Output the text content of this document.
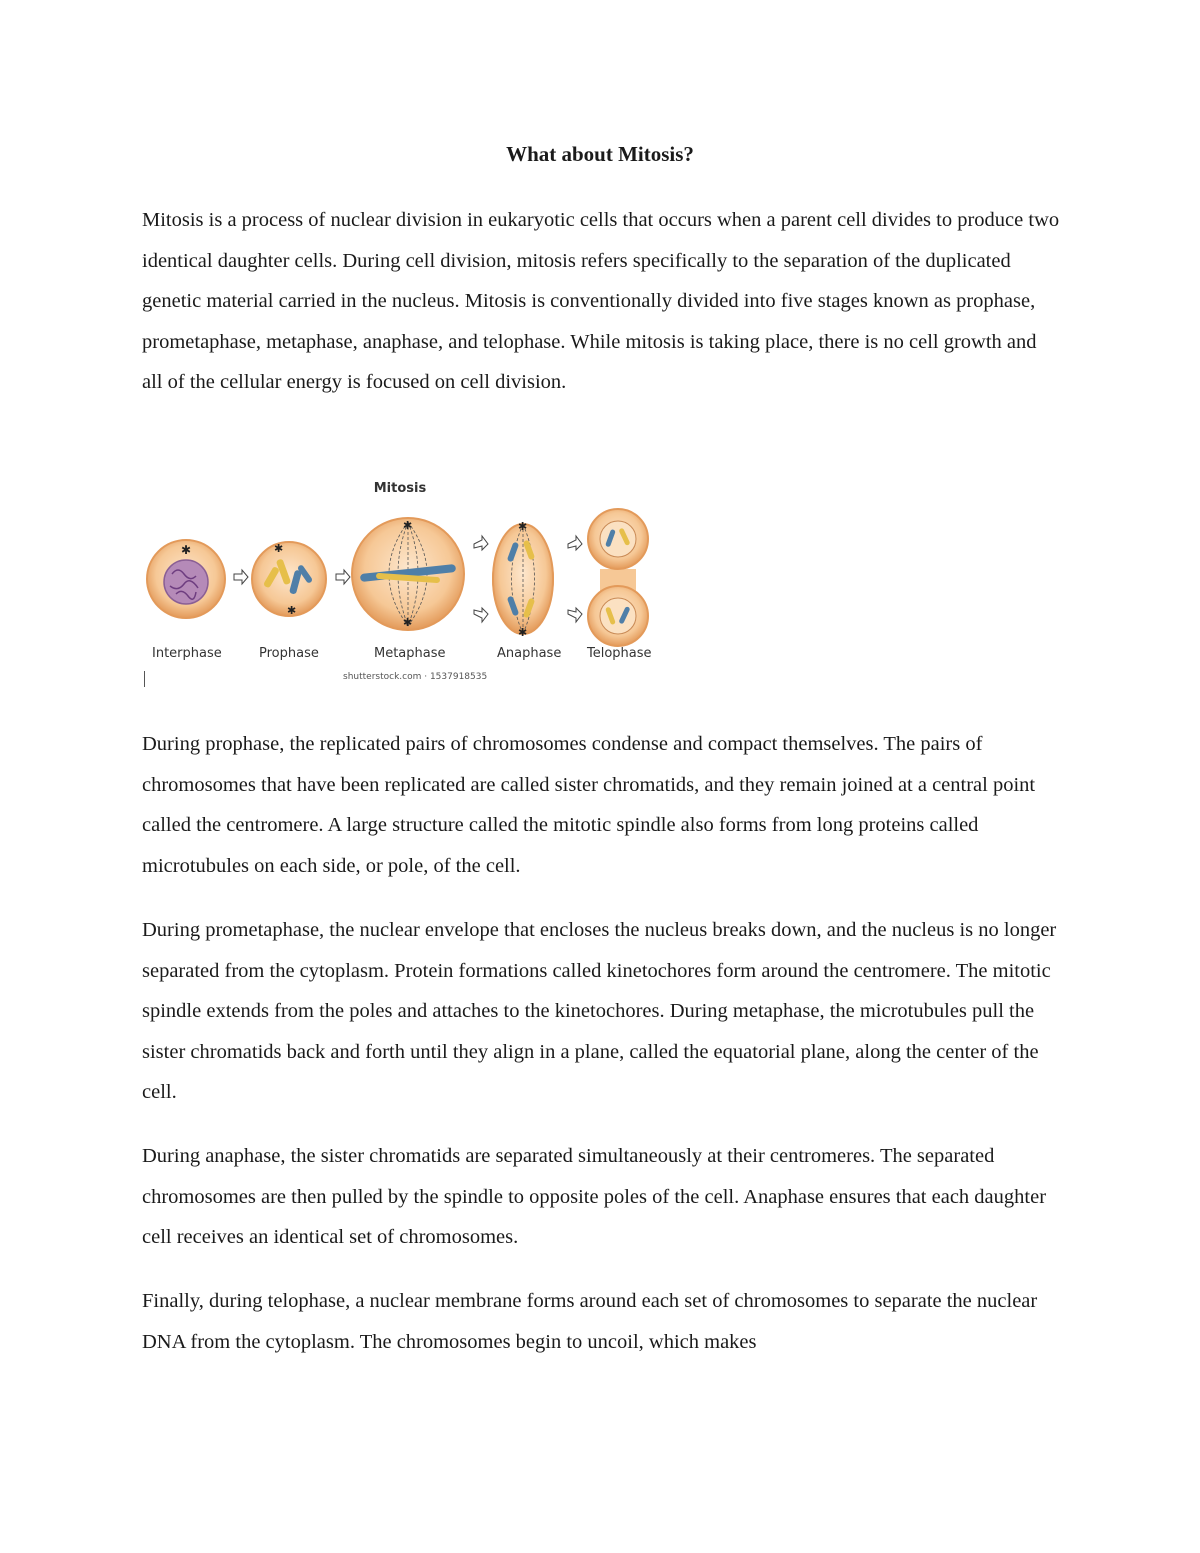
What about Mitosis?

Mitosis is a process of nuclear division in eukaryotic cells that occurs when a parent cell divides to produce two identical daughter cells. During cell division, mitosis refers specifically to the separation of the duplicated genetic material carried in the nucleus. Mitosis is conventionally divided into five stages known as prophase, prometaphase, metaphase, anaphase, and telophase. While mitosis is taking place, there is no cell growth and all of the cellular energy is focused on cell division.

✱	✱
✱
✱
✱
✱
✱
Mitosis
Interphase	Prophase	Metaphase	Anaphase Telophase
shutterstock.com · 1537918535

During prophase, the replicated pairs of chromosomes condense and compact themselves. The pairs of chromosomes that have been replicated are called sister chromatids, and they remain joined at a central point called the centromere. A large structure called the mitotic spindle also forms from long proteins called microtubules on each side, or pole, of the cell.

During prometaphase, the nuclear envelope that encloses the nucleus breaks down, and the nucleus is no longer separated from the cytoplasm. Protein formations called kinetochores form around the centromere. The mitotic spindle extends from the poles and attaches to the kinetochores. During metaphase, the microtubules pull the sister chromatids back and forth until they align in a plane, called the equatorial plane, along the center of the cell.

During anaphase, the sister chromatids are separated simultaneously at their centromeres. The separated chromosomes are then pulled by the spindle to opposite poles of the cell. Anaphase ensures that each daughter cell receives an identical set of chromosomes.

Finally, during telophase, a nuclear membrane forms around each set of chromosomes to separate the nuclear DNA from the cytoplasm. The chromosomes begin to uncoil, which makes
